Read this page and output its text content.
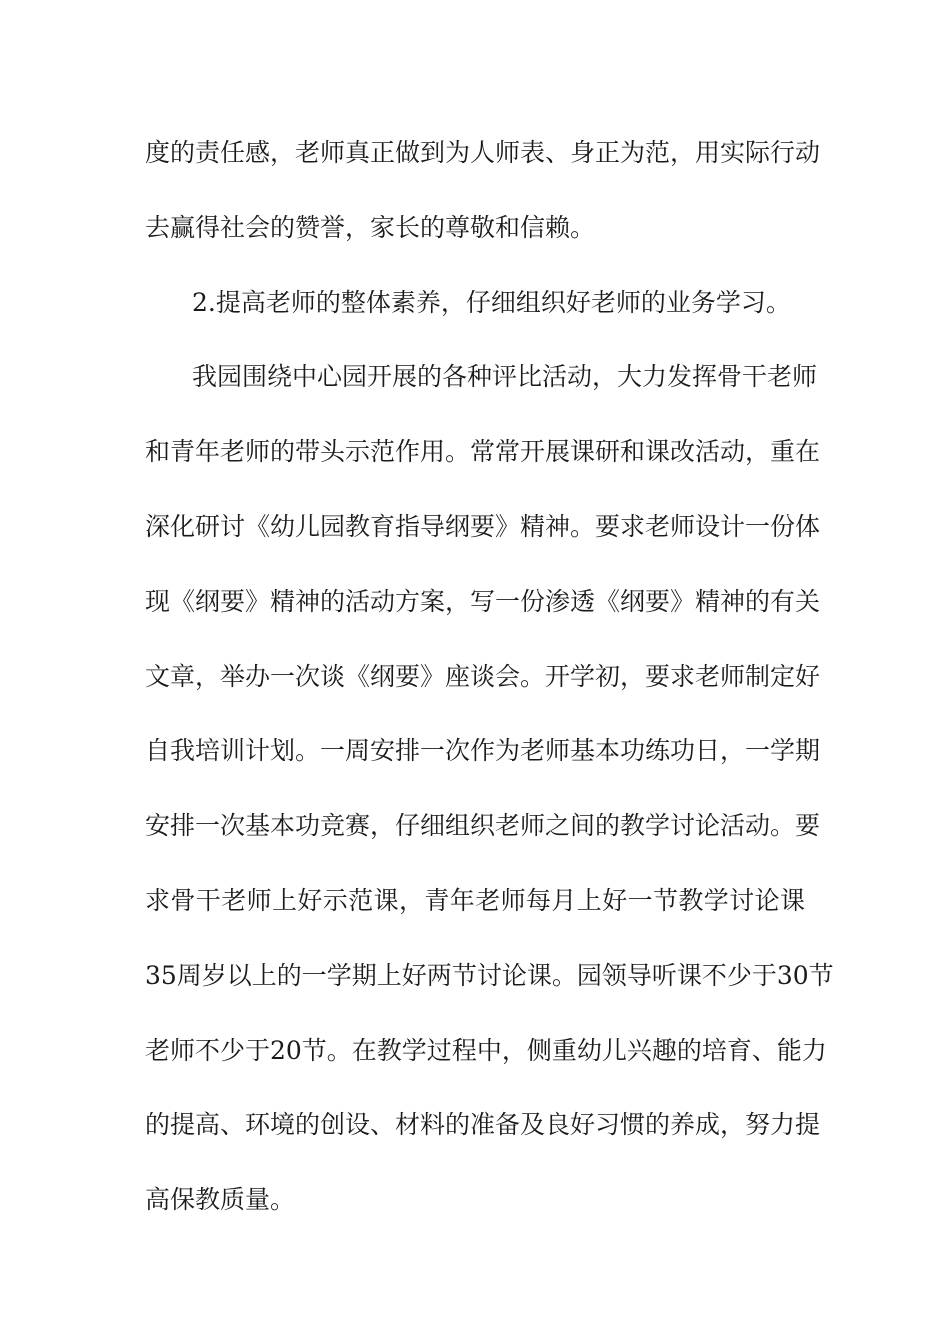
度的责任感，老师真正做到为人师表、身正为范，用实际行动
去赢得社会的赞誉，家长的尊敬和信赖。
2.提高老师的整体素养，仔细组织好老师的业务学习。
我园围绕中心园开展的各种评比活动，大力发挥骨干老师
和青年老师的带头示范作用。常常开展课研和课改活动，重在
深化研讨《幼儿园教育指导纲要》精神。要求老师设计一份体
现《纲要》精神的活动方案，写一份渗透《纲要》精神的有关
文章，举办一次谈《纲要》座谈会。开学初，要求老师制定好
自我培训计划。一周安排一次作为老师基本功练功日，一学期
安排一次基本功竞赛，仔细组织老师之间的教学讨论活动。要
求骨干老师上好示范课，青年老师每月上好一节教学讨论课
35周岁以上的一学期上好两节讨论课。园领导听课不少于30节
老师不少于20节。在教学过程中，侧重幼儿兴趣的培育、能力
的提高、环境的创设、材料的准备及良好习惯的养成，努力提
高保教质量。
